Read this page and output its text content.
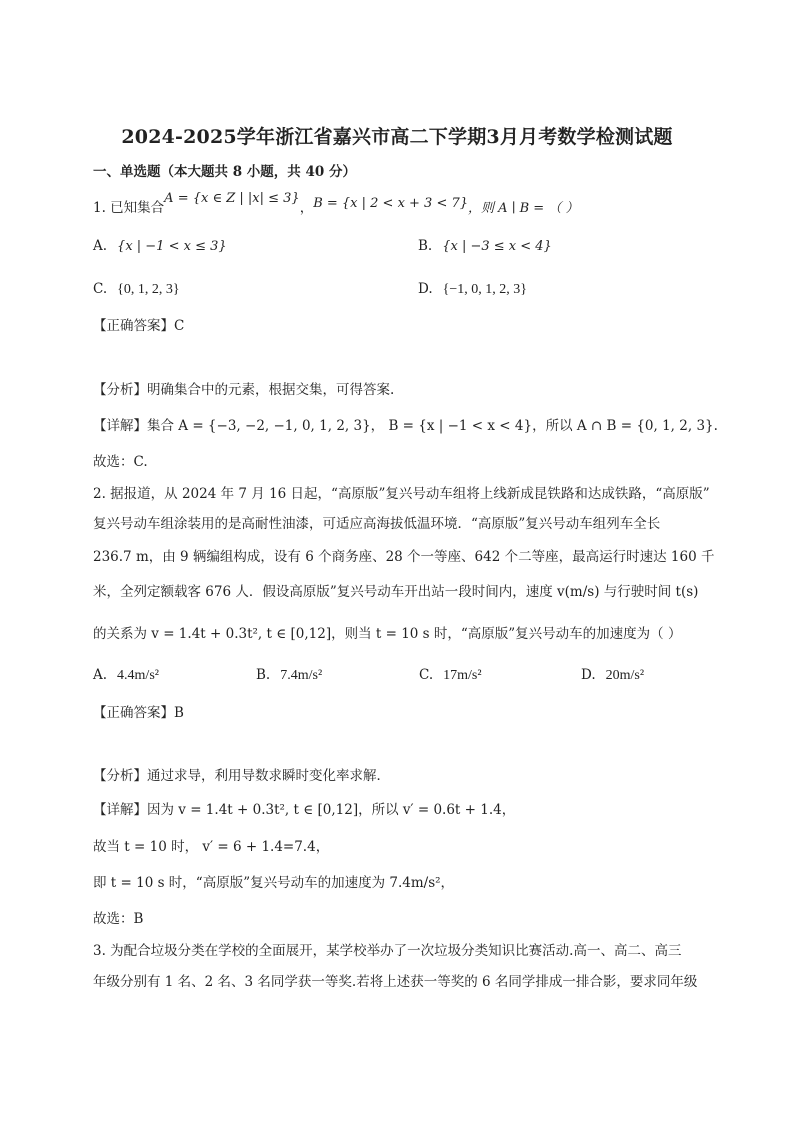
2024-2025学年浙江省嘉兴市高二下学期3月月考数学检测试题
一、单选题（本大题共 8 小题，共 40 分）
1. 已知集合A = {x ∈ Z | |x| ≤ 3}，B = {x | 2 < x + 3 < 7}，则 A ∣ B = （ ）
A. {x | −1 < x ≤ 3}	B. {x | −3 ≤ x < 4}
C. {0, 1, 2, 3}	D. {−1, 0, 1, 2, 3}
【正确答案】C
【分析】明确集合中的元素，根据交集，可得答案.
【详解】集合 A = {−3, −2, −1, 0, 1, 2, 3}， B = {x | −1 < x < 4}，所以 A ∩ B = {0, 1, 2, 3}.
故选：C.
2. 据报道，从 2024 年 7 月 16 日起，“高原版”复兴号动车组将上线新成昆铁路和达成铁路，“高原版”
复兴号动车组涂装用的是高耐性油漆，可适应高海拔低温环境．“高原版”复兴号动车组列车全长
236.7 m，由 9 辆编组构成，设有 6 个商务座、28 个一等座、642 个二等座，最高运行时速达 160 千
米，全列定额载客 676 人．假设高原版”复兴号动车开出站一段时间内，速度 v(m/s) 与行驶时间 t(s)
的关系为 v = 1.4t + 0.3t², t ∈ [0,12]，则当 t = 10 s 时，“高原版”复兴号动车的加速度为（ ）
A. 4.4m/s²	B. 7.4m/s²	C. 17m/s²	D. 20m/s²
【正确答案】B
【分析】通过求导，利用导数求瞬时变化率求解．
【详解】因为 v = 1.4t + 0.3t², t ∈ [0,12]，所以 v′ = 0.6t + 1.4，
故当 t = 10 时， v′ = 6 + 1.4=7.4，
即 t = 10 s 时，“高原版”复兴号动车的加速度为 7.4m/s²，
故选：B
3. 为配合垃圾分类在学校的全面展开，某学校举办了一次垃圾分类知识比赛活动.高一、高二、高三
年级分别有 1 名、2 名、3 名同学获一等奖.若将上述获一等奖的 6 名同学排成一排合影，要求同年级
